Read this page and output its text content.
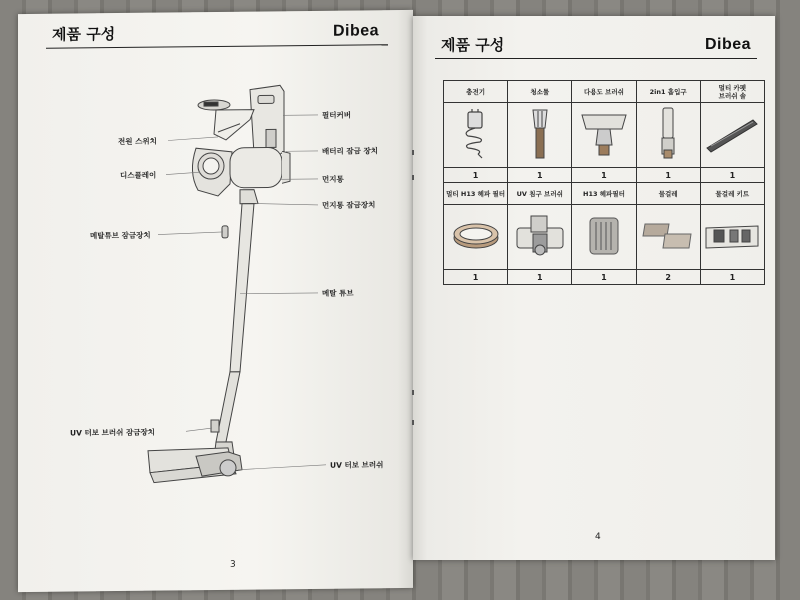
제품 구성	Dibea
필터커버
전원 스위치
배터리 잠금 장치
디스플레이	먼지통
먼지통 잠금장치
메탈튜브 잠금장치
메탈 튜브
UV 터보 브러쉬 잠금장치
UV 터보 브러쉬
3
제품 구성	Dibea
충전기	청소툴	다용도 브러쉬	2in1 흡입구	멀티 카펫
브러쉬 솔

1	1	1	1	1
멀티 H13 헤파 필터	UV 침구 브러쉬	H13 헤파필터	물걸레	물걸레 키트

1	1	1	2	1
4
